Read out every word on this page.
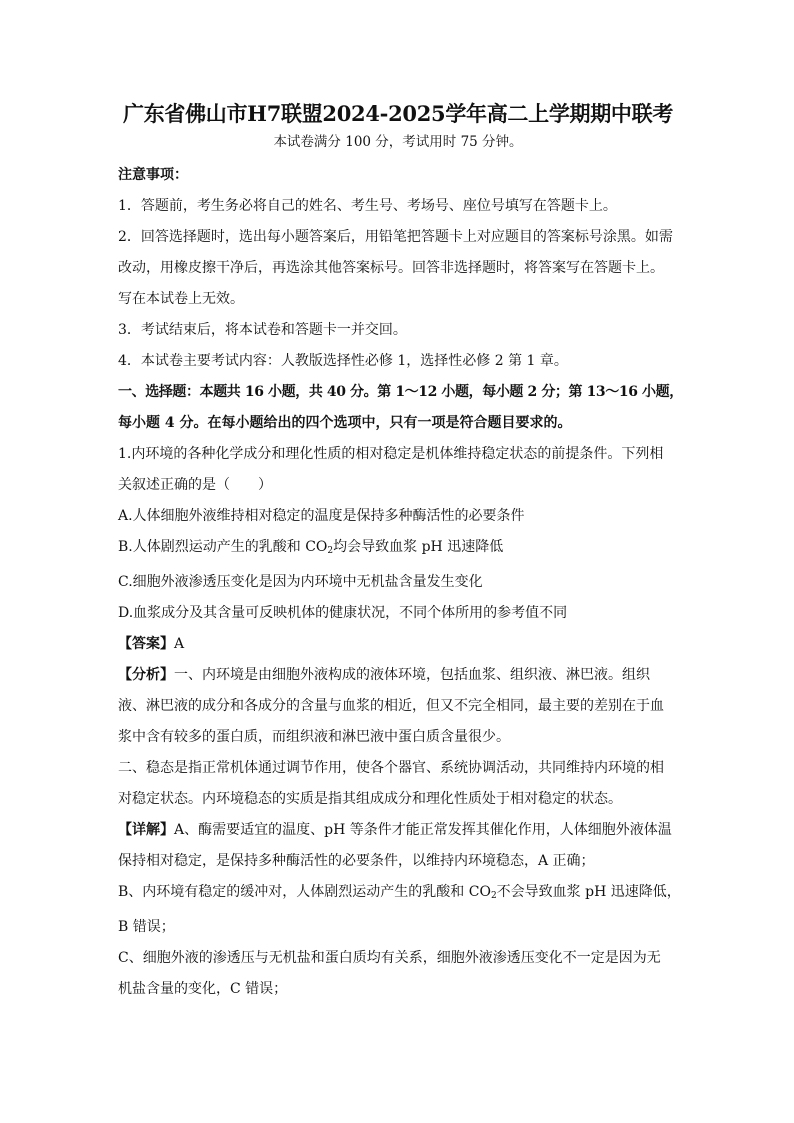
广东省佛山市H7联盟2024-2025学年高二上学期期中联考

本试卷满分 100 分，考试用时 75 分钟。

注意事项：

1．答题前，考生务必将自己的姓名、考生号、考场号、座位号填写在答题卡上。

2．回答选择题时，选出每小题答案后，用铅笔把答题卡上对应题目的答案标号涂黑。如需

改动，用橡皮擦干净后，再选涂其他答案标号。回答非选择题时，将答案写在答题卡上。

写在本试卷上无效。

3．考试结束后，将本试卷和答题卡一并交回。

4．本试卷主要考试内容：人教版选择性必修 1，选择性必修 2 第 1 章。

一、选择题：本题共 16 小题，共 40 分。第 1～12 小题，每小题 2 分；第 13～16 小题，

每小题 4 分。在每小题给出的四个选项中，只有一项是符合题目要求的。

1.内环境的各种化学成分和理化性质的相对稳定是机体维持稳定状态的前提条件。下列相

关叙述正确的是（　　）

A.人体细胞外液维持相对稳定的温度是保持多种酶活性的必要条件

B.人体剧烈运动产生的乳酸和 $CO_2$均会导致血浆 pH 迅速降低

C.细胞外液渗透压变化是因为内环境中无机盐含量发生变化

D.血浆成分及其含量可反映机体的健康状况，不同个体所用的参考值不同

【答案】A

【分析】一、内环境是由细胞外液构成的液体环境，包括血浆、组织液、淋巴液。组织

液、淋巴液的成分和各成分的含量与血浆的相近，但又不完全相同，最主要的差别在于血

浆中含有较多的蛋白质，而组织液和淋巴液中蛋白质含量很少。

二、稳态是指正常机体通过调节作用，使各个器官、系统协调活动，共同维持内环境的相

对稳定状态。内环境稳态的实质是指其组成成分和理化性质处于相对稳定的状态。

【详解】A、酶需要适宜的温度、pH 等条件才能正常发挥其催化作用，人体细胞外液体温

保持相对稳定，是保持多种酶活性的必要条件，以维持内环境稳态，A 正确；

B、内环境有稳定的缓冲对，人体剧烈运动产生的乳酸和 $CO_2$不会导致血浆 pH 迅速降低，

B 错误；

C、细胞外液的渗透压与无机盐和蛋白质均有关系，细胞外液渗透压变化不一定是因为无

机盐含量的变化，C 错误；
